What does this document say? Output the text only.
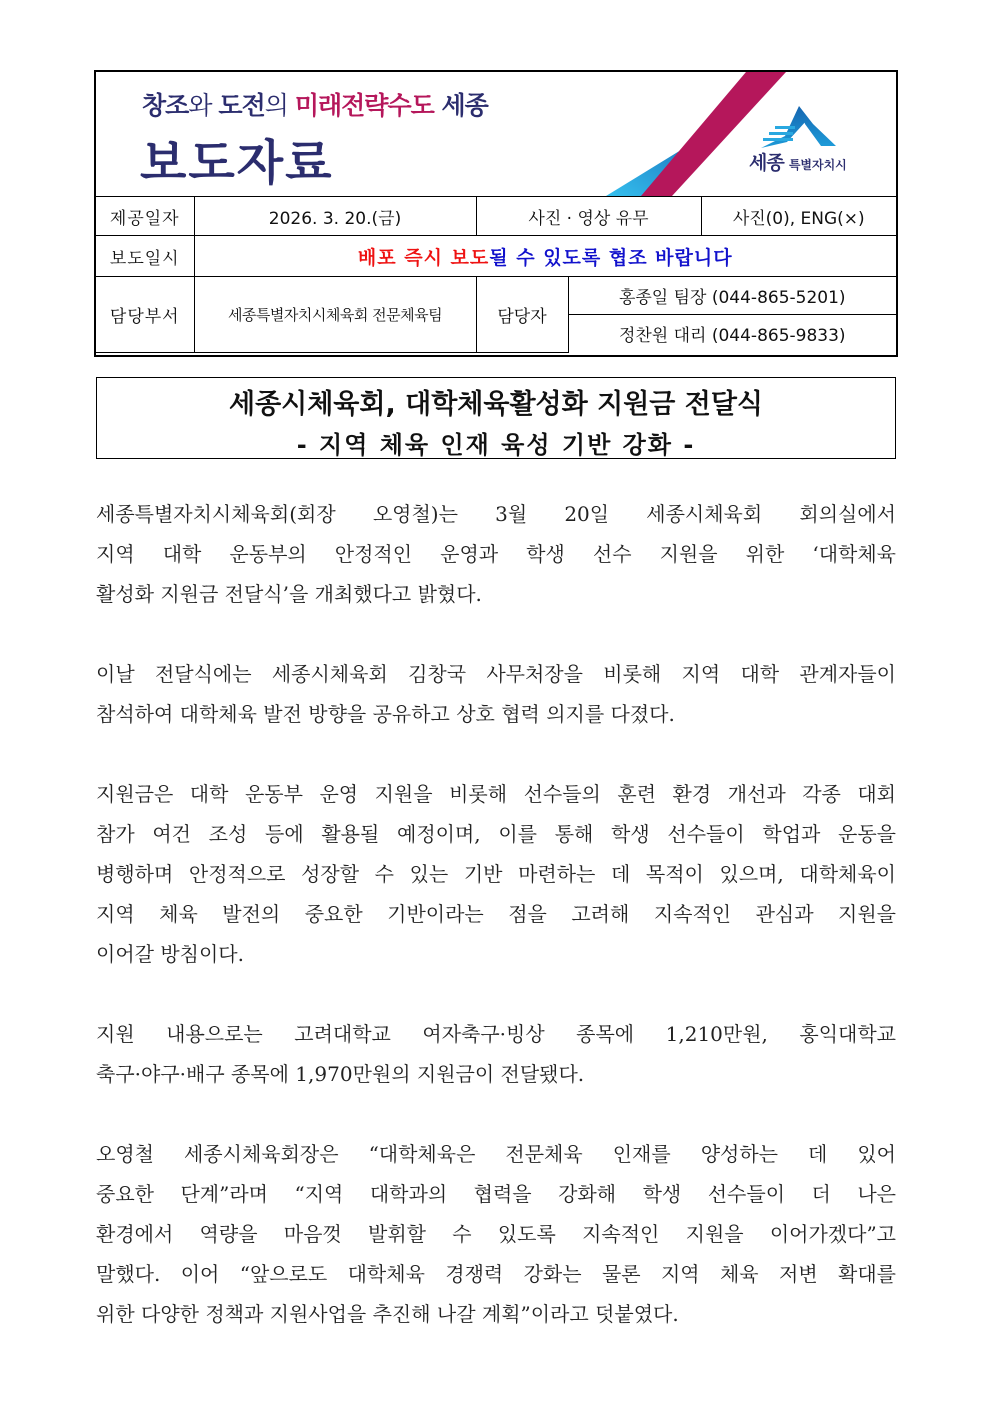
창조와 도전의 미래전략수도 세종
보도자료	세종 특별자치시
제공일자	2026. 3. 20.(금)	사진 · 영상 유무		사진(0), ENG(×)
보도일시	배포 즉시 보도될 수 있도록 협조 바랍니다			
담당부서	세종특별자치시체육회 전문체육팀	담당자	홍종일 팀장 (044-865-5201)	
			정찬원 대리 (044-865-9833)	
세종시체육회, 대학체육활성화 지원금 전달식
- 지역 체육 인재 육성 기반 강화 -

세종특별자치시체육회(회장 오영철)는 3월 20일 세종시체육회 회의실에서
지역 대학 운동부의 안정적인 운영과 학생 선수 지원을 위한 ‘대학체육
활성화 지원금 전달식’을 개최했다고 밝혔다.

이날 전달식에는 세종시체육회 김창국 사무처장을 비롯해 지역 대학 관계자들이
참석하여 대학체육 발전 방향을 공유하고 상호 협력 의지를 다졌다.

지원금은 대학 운동부 운영 지원을 비롯해 선수들의 훈련 환경 개선과 각종 대회
참가 여건 조성 등에 활용될 예정이며, 이를 통해 학생 선수들이 학업과 운동을
병행하며 안정적으로 성장할 수 있는 기반 마련하는 데 목적이 있으며, 대학체육이
지역 체육 발전의 중요한 기반이라는 점을 고려해 지속적인 관심과 지원을
이어갈 방침이다.

지원 내용으로는 고려대학교 여자축구·빙상 종목에 1,210만원, 홍익대학교
축구·야구·배구 종목에 1,970만원의 지원금이 전달됐다.

오영철 세종시체육회장은 “대학체육은 전문체육 인재를 양성하는 데 있어
중요한 단계”라며 “지역 대학과의 협력을 강화해 학생 선수들이 더 나은
환경에서 역량을 마음껏 발휘할 수 있도록 지속적인 지원을 이어가겠다”고
말했다. 이어 “앞으로도 대학체육 경쟁력 강화는 물론 지역 체육 저변 확대를
위한 다양한 정책과 지원사업을 추진해 나갈 계획”이라고 덧붙였다.
